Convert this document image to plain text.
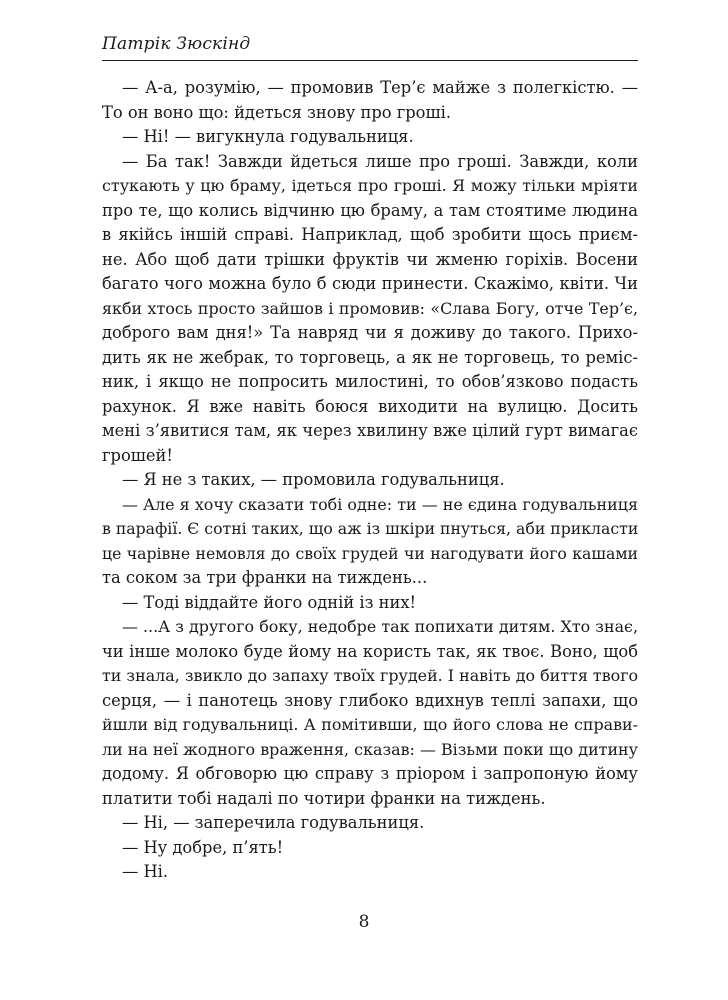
Патрік Зюскінд
— А-а, розумію, — промовив Тер’є майже з полегкістю. —
То он воно що: йдеться знову про гроші.
— Ні! — вигукнула годувальниця.
— Ба так! Завжди йдеться лише про гроші. Завжди, коли
стукають у цю браму, ідеться про гроші. Я можу тільки мріяти
про те, що колись відчиню цю браму, а там стоятиме людина
в якійсь іншій справі. Наприклад, щоб зробити щось приєм-
не. Або щоб дати трішки фруктів чи жменю горіхів. Восени
багато чого можна було б сюди принести. Скажімо, квіти. Чи
якби хтось просто зайшов і промовив: «Слава Богу, отче Тер’є,
доброго вам дня!» Та навряд чи я доживу до такого. Прихо-
дить як не жебрак, то торговець, а як не торговець, то реміс-
ник, і якщо не попросить милостині, то обов’язково подасть
рахунок. Я вже навіть боюся виходити на вулицю. Досить
мені з’явитися там, як через хвилину вже цілий гурт вимагає
грошей!
— Я не з таких, — промовила годувальниця.
— Але я хочу сказати тобі одне: ти — не єдина годувальниця
в парафії. Є сотні таких, що аж із шкіри пнуться, аби прикласти
це чарівне немовля до своїх грудей чи нагодувати його кашами
та соком за три франки на тиждень...
— Тоді віддайте його одній із них!
— ...А з другого боку, недобре так попихати дитям. Хто знає,
чи інше молоко буде йому на користь так, як твоє. Воно, щоб
ти знала, звикло до запаху твоїх грудей. І навіть до биття твого
серця, — і панотець знову глибоко вдихнув теплі запахи, що
йшли від годувальниці. А помітивши, що його слова не справи-
ли на неї жодного враження, сказав: — Візьми поки що дитину
додому. Я обговорю цю справу з пріором і запропоную йому
платити тобі надалі по чотири франки на тиждень.
— Ні, — заперечила годувальниця.
— Ну добре, п’ять!
— Ні.
8
